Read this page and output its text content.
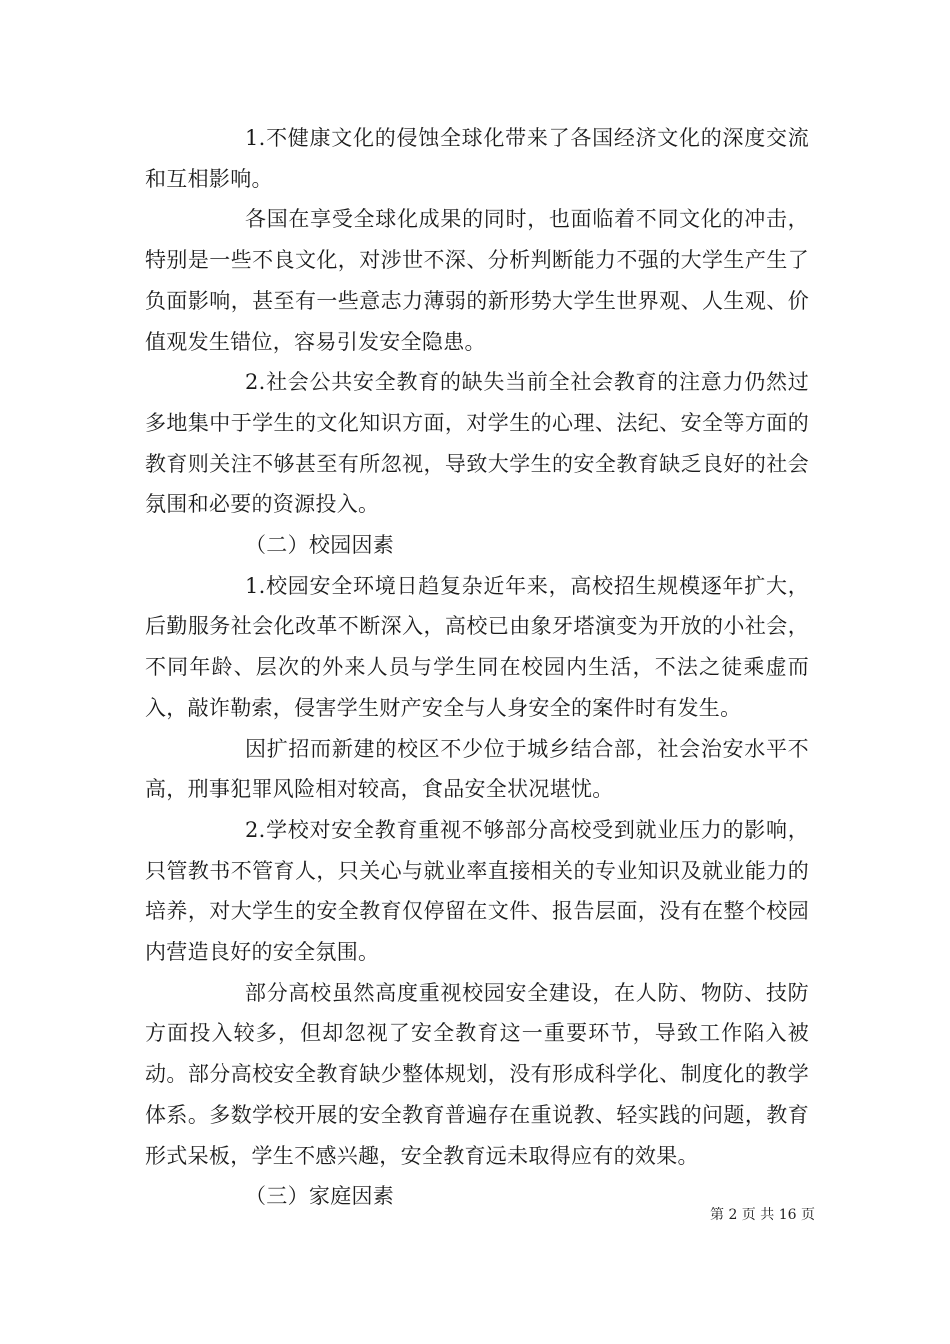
1.不健康文化的侵蚀全球化带来了各国经济文化的深度交流和互相影响。

各国在享受全球化成果的同时，也面临着不同文化的冲击，特别是一些不良文化，对涉世不深、分析判断能力不强的大学生产生了负面影响，甚至有一些意志力薄弱的新形势大学生世界观、人生观、价值观发生错位，容易引发安全隐患。

2.社会公共安全教育的缺失当前全社会教育的注意力仍然过多地集中于学生的文化知识方面，对学生的心理、法纪、安全等方面的教育则关注不够甚至有所忽视，导致大学生的安全教育缺乏良好的社会氛围和必要的资源投入。

（二）校园因素

1.校园安全环境日趋复杂近年来，高校招生规模逐年扩大，后勤服务社会化改革不断深入，高校已由象牙塔演变为开放的小社会，不同年龄、层次的外来人员与学生同在校园内生活，不法之徒乘虚而入，敲诈勒索，侵害学生财产安全与人身安全的案件时有发生。

因扩招而新建的校区不少位于城乡结合部，社会治安水平不高，刑事犯罪风险相对较高，食品安全状况堪忧。

2.学校对安全教育重视不够部分高校受到就业压力的影响，只管教书不管育人，只关心与就业率直接相关的专业知识及就业能力的培养，对大学生的安全教育仅停留在文件、报告层面，没有在整个校园内营造良好的安全氛围。

部分高校虽然高度重视校园安全建设，在人防、物防、技防方面投入较多，但却忽视了安全教育这一重要环节，导致工作陷入被动。部分高校安全教育缺少整体规划，没有形成科学化、制度化的教学体系。多数学校开展的安全教育普遍存在重说教、轻实践的问题，教育形式呆板，学生不感兴趣，安全教育远未取得应有的效果。

（三）家庭因素

第 2 页 共 16 页
